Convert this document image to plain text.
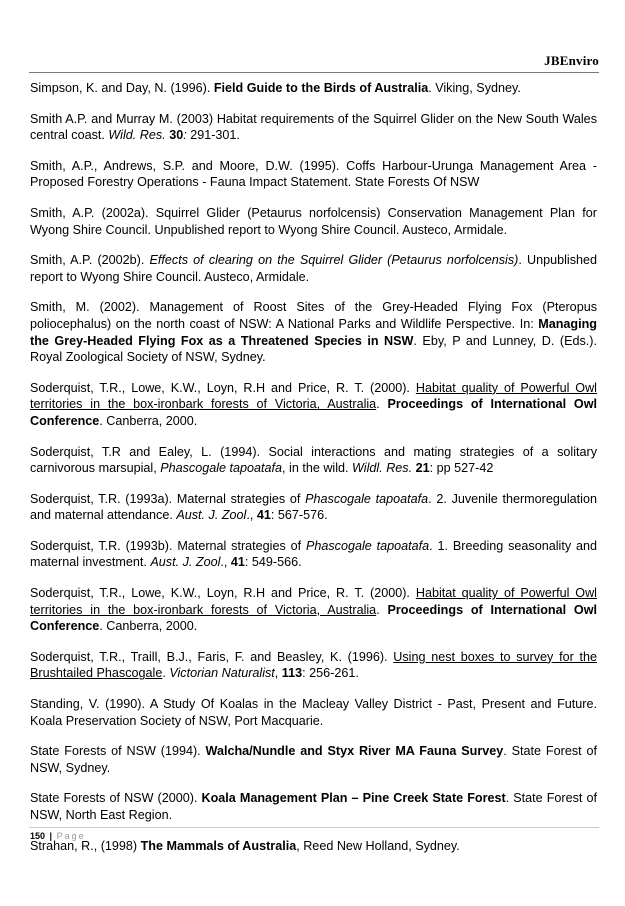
JBEnviro

Simpson, K. and Day, N. (1996). Field Guide to the Birds of Australia. Viking, Sydney.

Smith A.P. and Murray M. (2003) Habitat requirements of the Squirrel Glider on the New South Wales central coast. Wild. Res. 30: 291-301.

Smith, A.P., Andrews, S.P. and Moore, D.W. (1995). Coffs Harbour-Urunga Management Area - Proposed Forestry Operations - Fauna Impact Statement. State Forests Of NSW

Smith, A.P. (2002a). Squirrel Glider (Petaurus norfolcensis) Conservation Management Plan for Wyong Shire Council. Unpublished report to Wyong Shire Council. Austeco, Armidale.

Smith, A.P. (2002b). Effects of clearing on the Squirrel Glider (Petaurus norfolcensis). Unpublished report to Wyong Shire Council. Austeco, Armidale.

Smith, M. (2002). Management of Roost Sites of the Grey-Headed Flying Fox (Pteropus poliocephalus) on the north coast of NSW: A National Parks and Wildlife Perspective. In: Managing the Grey-Headed Flying Fox as a Threatened Species in NSW. Eby, P and Lunney, D. (Eds.). Royal Zoological Society of NSW, Sydney.

Soderquist, T.R., Lowe, K.W., Loyn, R.H and Price, R. T. (2000). Habitat quality of Powerful Owl territories in the box-ironbark forests of Victoria, Australia. Proceedings of International Owl Conference. Canberra, 2000.

Soderquist, T.R and Ealey, L. (1994). Social interactions and mating strategies of a solitary carnivorous marsupial, Phascogale tapoatafa, in the wild. Wildl. Res. 21: pp 527-42

Soderquist, T.R. (1993a). Maternal strategies of Phascogale tapoatafa. 2. Juvenile thermoregulation and maternal attendance. Aust. J. Zool., 41: 567-576.

Soderquist, T.R. (1993b). Maternal strategies of Phascogale tapoatafa. 1. Breeding seasonality and maternal investment. Aust. J. Zool., 41: 549-566.

Soderquist, T.R., Lowe, K.W., Loyn, R.H and Price, R. T. (2000). Habitat quality of Powerful Owl territories in the box-ironbark forests of Victoria, Australia. Proceedings of International Owl Conference. Canberra, 2000.

Soderquist, T.R., Traill, B.J., Faris, F. and Beasley, K. (1996). Using nest boxes to survey for the Brushtailed Phascogale. Victorian Naturalist, 113: 256-261.

Standing, V. (1990). A Study Of Koalas in the Macleay Valley District - Past, Present and Future. Koala Preservation Society of NSW, Port Macquarie.

State Forests of NSW (1994). Walcha/Nundle and Styx River MA Fauna Survey. State Forest of NSW, Sydney.

State Forests of NSW (2000). Koala Management Plan – Pine Creek State Forest. State Forest of NSW, North East Region.

Strahan, R., (1998) The Mammals of Australia, Reed New Holland, Sydney.

150 | Page
